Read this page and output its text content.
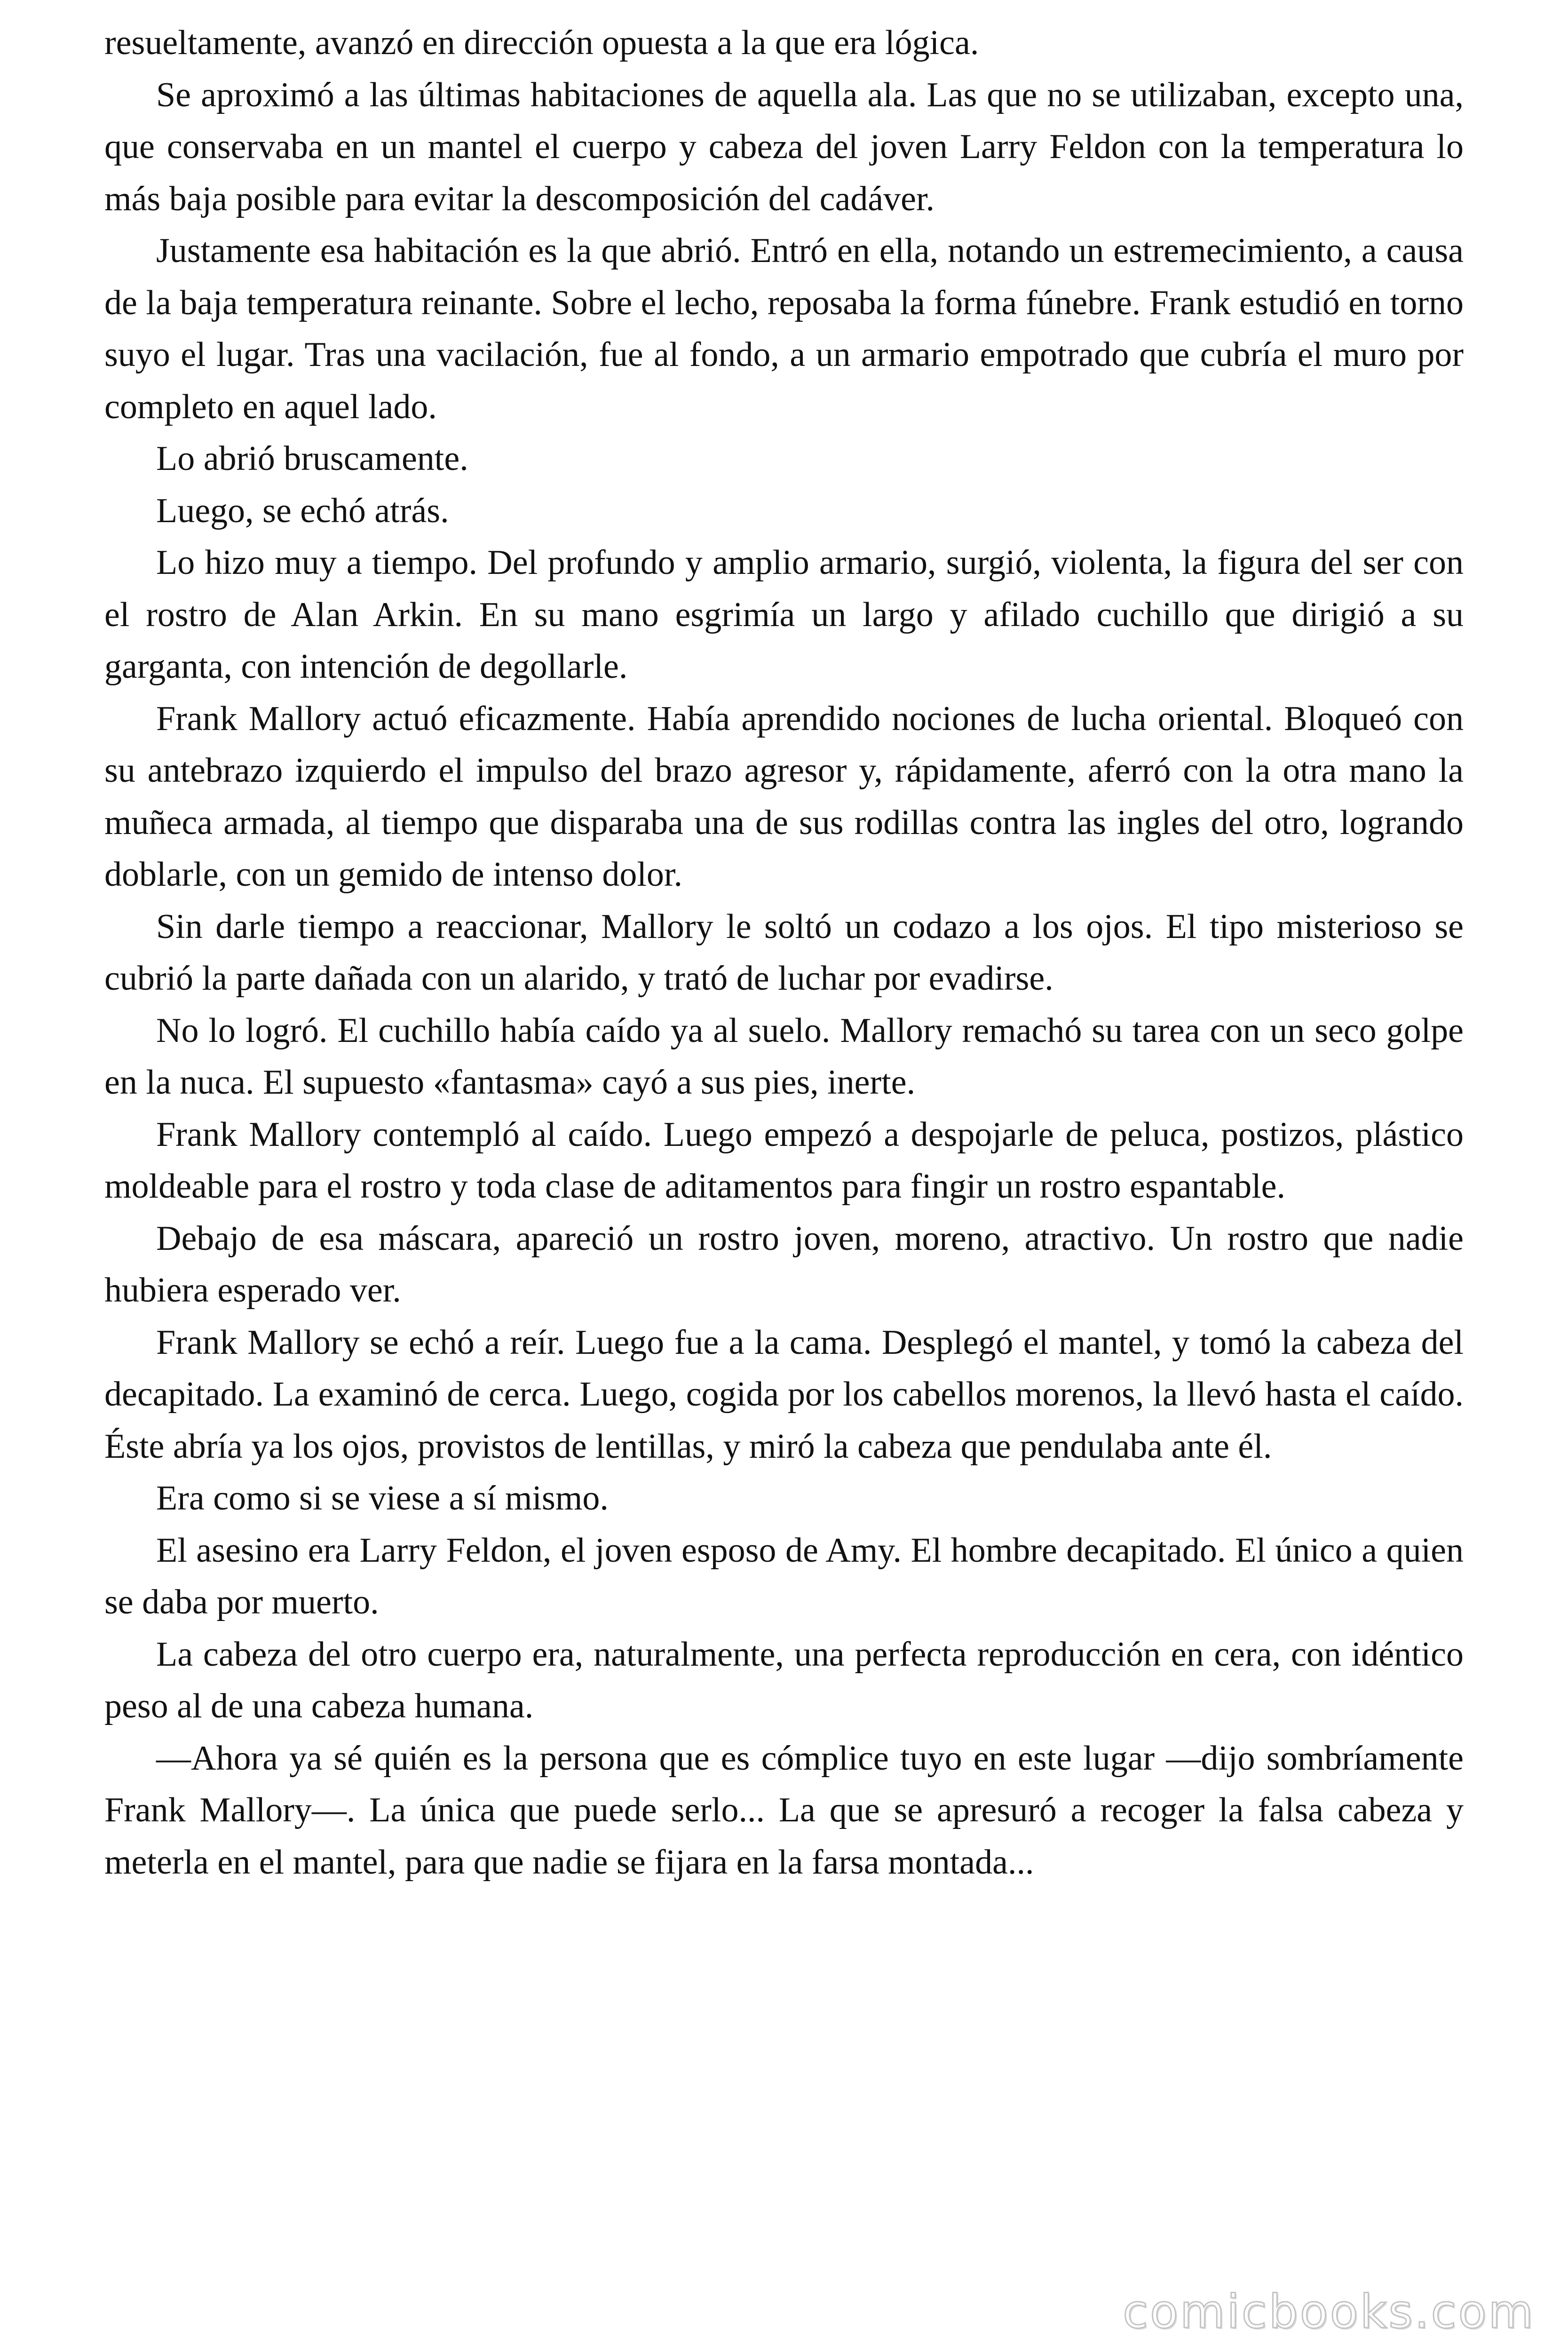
resueltamente, avanzó en dirección opuesta a la que era lógica.

Se aproximó a las últimas habitaciones de aquella ala. Las que no se utilizaban, excepto una, que conservaba en un mantel el cuerpo y cabeza del joven Larry Feldon con la temperatura lo más baja posible para evitar la descomposición del cadáver.

Justamente esa habitación es la que abrió. Entró en ella, notando un estremecimiento, a causa de la baja temperatura reinante. Sobre el lecho, reposaba la forma fúnebre. Frank estudió en torno suyo el lugar. Tras una vacilación, fue al fondo, a un armario empotrado que cubría el muro por completo en aquel lado.

Lo abrió bruscamente.

Luego, se echó atrás.

Lo hizo muy a tiempo. Del profundo y amplio armario, surgió, violenta, la figura del ser con el rostro de Alan Arkin. En su mano esgrimía un largo y afilado cuchillo que dirigió a su garganta, con intención de degollarle.

Frank Mallory actuó eficazmente. Había aprendido nociones de lucha oriental. Bloqueó con su antebrazo izquierdo el impulso del brazo agresor y, rápidamente, aferró con la otra mano la muñeca armada, al tiempo que disparaba una de sus rodillas contra las ingles del otro, logrando doblarle, con un gemido de intenso dolor.

Sin darle tiempo a reaccionar, Mallory le soltó un codazo a los ojos. El tipo misterioso se cubrió la parte dañada con un alarido, y trató de luchar por evadirse.

No lo logró. El cuchillo había caído ya al suelo. Mallory remachó su tarea con un seco golpe en la nuca. El supuesto «fantasma» cayó a sus pies, inerte.

Frank Mallory contempló al caído. Luego empezó a despojarle de peluca, postizos, plástico moldeable para el rostro y toda clase de aditamentos para fingir un rostro espantable.

Debajo de esa máscara, apareció un rostro joven, moreno, atractivo. Un rostro que nadie hubiera esperado ver.

Frank Mallory se echó a reír. Luego fue a la cama. Desplegó el mantel, y tomó la cabeza del decapitado. La examinó de cerca. Luego, cogida por los cabellos morenos, la llevó hasta el caído. Éste abría ya los ojos, provistos de lentillas, y miró la cabeza que pendulaba ante él.

Era como si se viese a sí mismo.

El asesino era Larry Feldon, el joven esposo de Amy. El hombre decapitado. El único a quien se daba por muerto.

La cabeza del otro cuerpo era, naturalmente, una perfecta reproducción en cera, con idéntico peso al de una cabeza humana.

—Ahora ya sé quién es la persona que es cómplice tuyo en este lugar —dijo sombríamente Frank Mallory—. La única que puede serlo... La que se apresuró a recoger la falsa cabeza y meterla en el mantel, para que nadie se fijara en la farsa montada...

comicbooks.com
